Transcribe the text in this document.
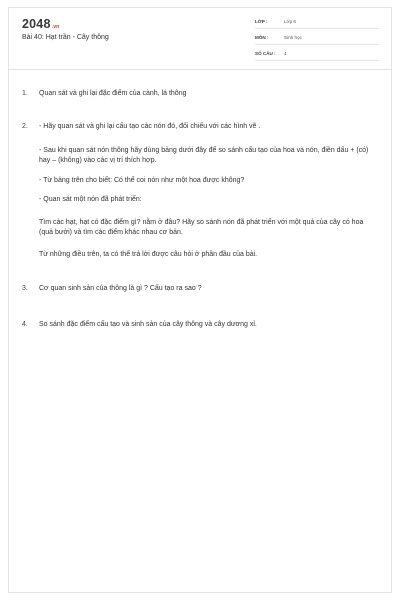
2048.vn
Bài 40: Hạt trần - Cây thông
LỚP :	Lớp 6
MÔN :	Sinh học
SỐ CÂU : 4
1. Quan sát và ghi lại đặc điểm của cành, lá thông
2. - Hãy quan sát và ghi lại cấu tạo các nón đó, đối chiếu với các hình vẽ .
- Sau khi quan sát nón thông hãy dùng bảng dưới đây để so sánh cấu tạo của hoa và nón, điền dấu + (có) hay – (không) vào các vị trí thích hợp.
- Từ bảng trên cho biết: Có thể coi nón như một hoa được không?
- Quan sát một nón đã phát triển:
Tìm các hạt, hạt có đặc điểm gì? nằm ở đâu? Hãy so sánh nón đã phát triển với một quả của cây có hoa (quả bưởi) và tìm các điểm khác nhau cơ bản.
Từ những điều trên, ta có thể trả lời được câu hỏi ở phần đầu của bài.
3. Cơ quan sinh sản của thông là gì ? Cấu tạo ra sao ?
4. So sánh đặc điểm cấu tạo và sinh sản của cây thông và cây dương xỉ.
